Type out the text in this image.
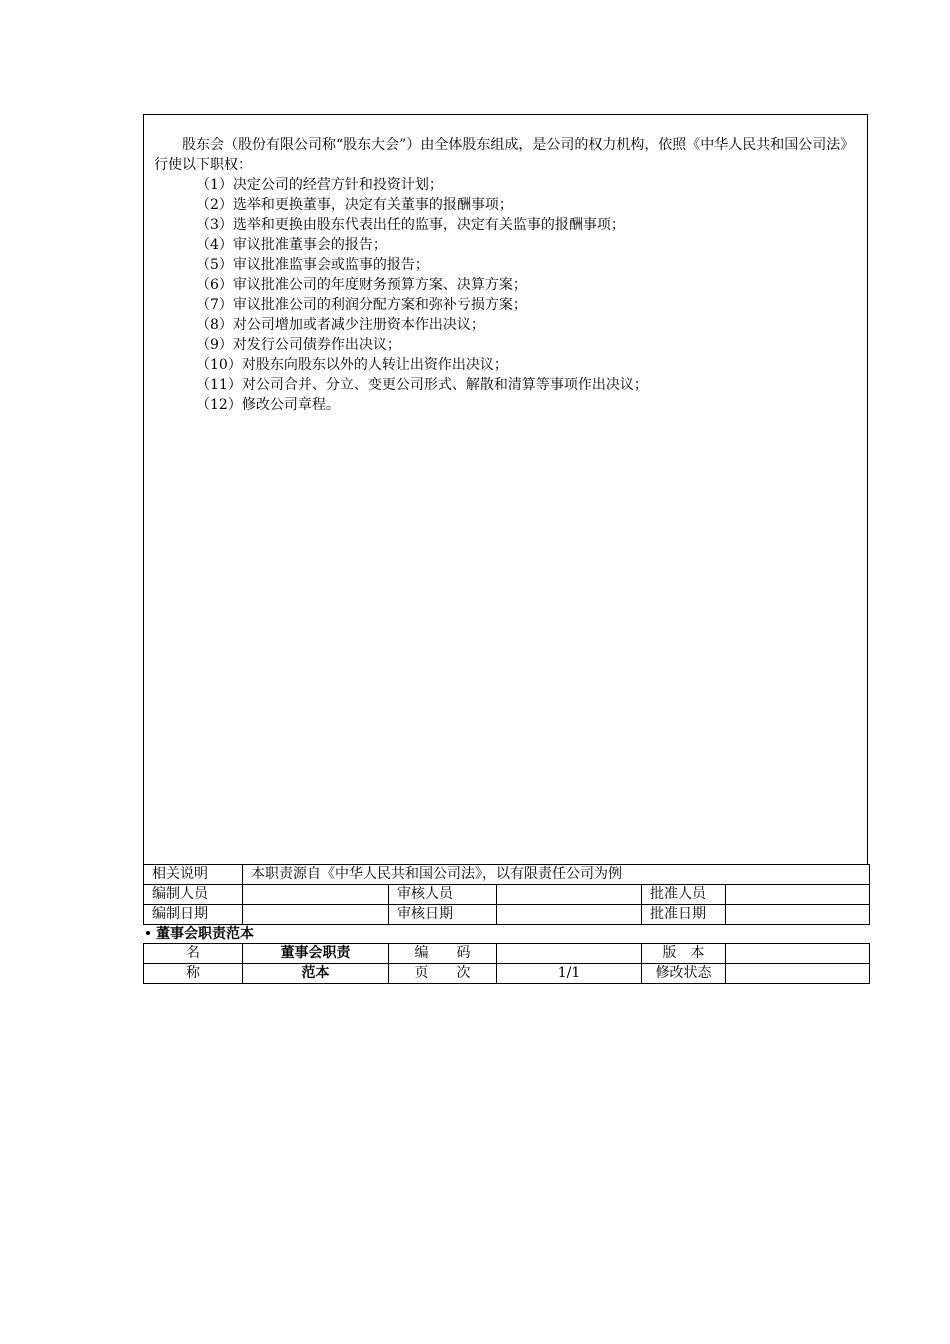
股东会（股份有限公司称“股东大会”）由全体股东组成，是公司的权力机构，依照《中华人民共和国公司法》行使以下职权：

（1）决定公司的经营方针和投资计划；

（2）选举和更换董事，决定有关董事的报酬事项；

（3）选举和更换由股东代表出任的监事，决定有关监事的报酬事项；

（4）审议批准董事会的报告；

（5）审议批准监事会或监事的报告；

（6）审议批准公司的年度财务预算方案、决算方案；

（7）审议批准公司的利润分配方案和弥补亏损方案；

（8）对公司增加或者减少注册资本作出决议；

（9）对发行公司债券作出决议；

（10）对股东向股东以外的人转让出资作出决议；

（11）对公司合并、分立、变更公司形式、解散和清算等事项作出决议；

（12）修改公司章程。

相关说明	本职责源自《中华人民共和国公司法》，以有限责任公司为例				
编制人员		审核人员		批准人员	
编制日期		审核日期		批准日期	
董事会职责范本
名	董事会职责	编　　码		版　本	
称	范本	页　　次	1/1	修改状态	
